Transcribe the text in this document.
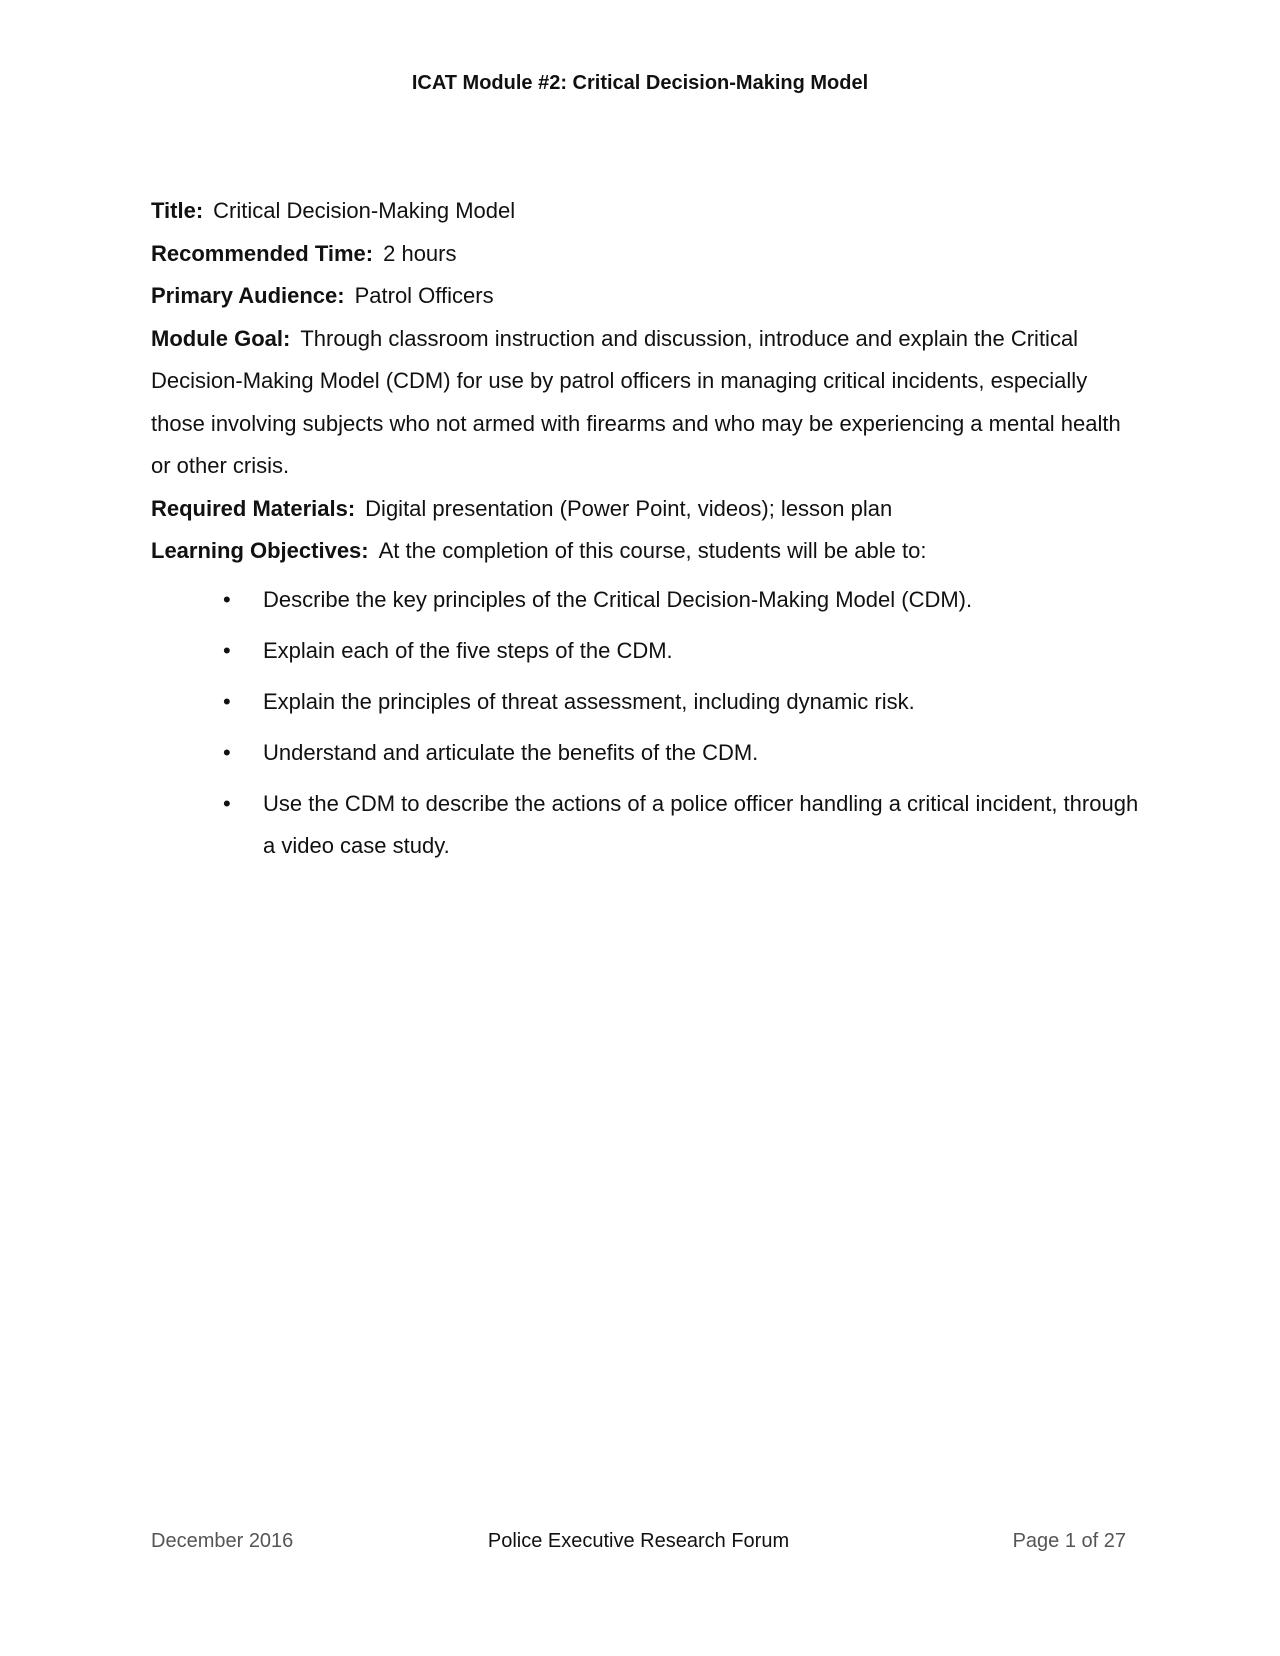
ICAT Module #2: Critical Decision-Making Model

Title: Critical Decision-Making Model

Recommended Time: 2 hours

Primary Audience: Patrol Officers

Module Goal: Through classroom instruction and discussion, introduce and explain the Critical Decision-Making Model (CDM) for use by patrol officers in managing critical incidents, especially those involving subjects who not armed with firearms and who may be experiencing a mental health or other crisis.

Required Materials: Digital presentation (Power Point, videos); lesson plan

Learning Objectives: At the completion of this course, students will be able to:

• Describe the key principles of the Critical Decision-Making Model (CDM).
• Explain each of the five steps of the CDM.
• Explain the principles of threat assessment, including dynamic risk.
• Understand and articulate the benefits of the CDM.
• Use the CDM to describe the actions of a police officer handling a critical incident, through a video case study.
December 2016	Police Executive Research Forum	Page 1 of 27
